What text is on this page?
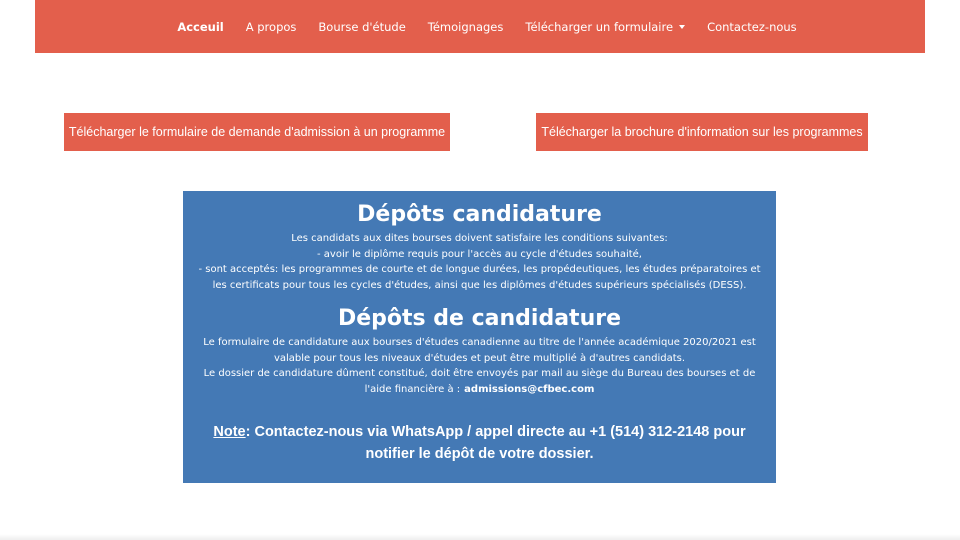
Acceuil	A propos	Bourse d'étude	Témoignages	Télécharger un formulaire	Contactez-nous
Télécharger le formulaire de demande d'admission à un programme	Télécharger la brochure d'information sur les programmes
Dépôts candidature
Les candidats aux dites bourses doivent satisfaire les conditions suivantes:
- avoir le diplôme requis pour l'accès au cycle d'études souhaité,
- sont acceptés: les programmes de courte et de longue durées, les propédeutiques, les études préparatoires et les certificats pour tous les cycles d'études, ainsi que les diplômes d'études supérieurs spécialisés (DESS).
Dépôts de candidature
Le formulaire de candidature aux bourses d'études canadienne au titre de l'année académique 2020/2021 est valable pour tous les niveaux d'études et peut être multiplié à d'autres candidats.
Le dossier de candidature dûment constitué, doit être envoyés par mail au siège du Bureau des bourses et de l'aide financière à : admissions@cfbec.com
Note: Contactez-nous via WhatsApp / appel directe au +1 (514) 312-2148 pour notifier le dépôt de votre dossier.
